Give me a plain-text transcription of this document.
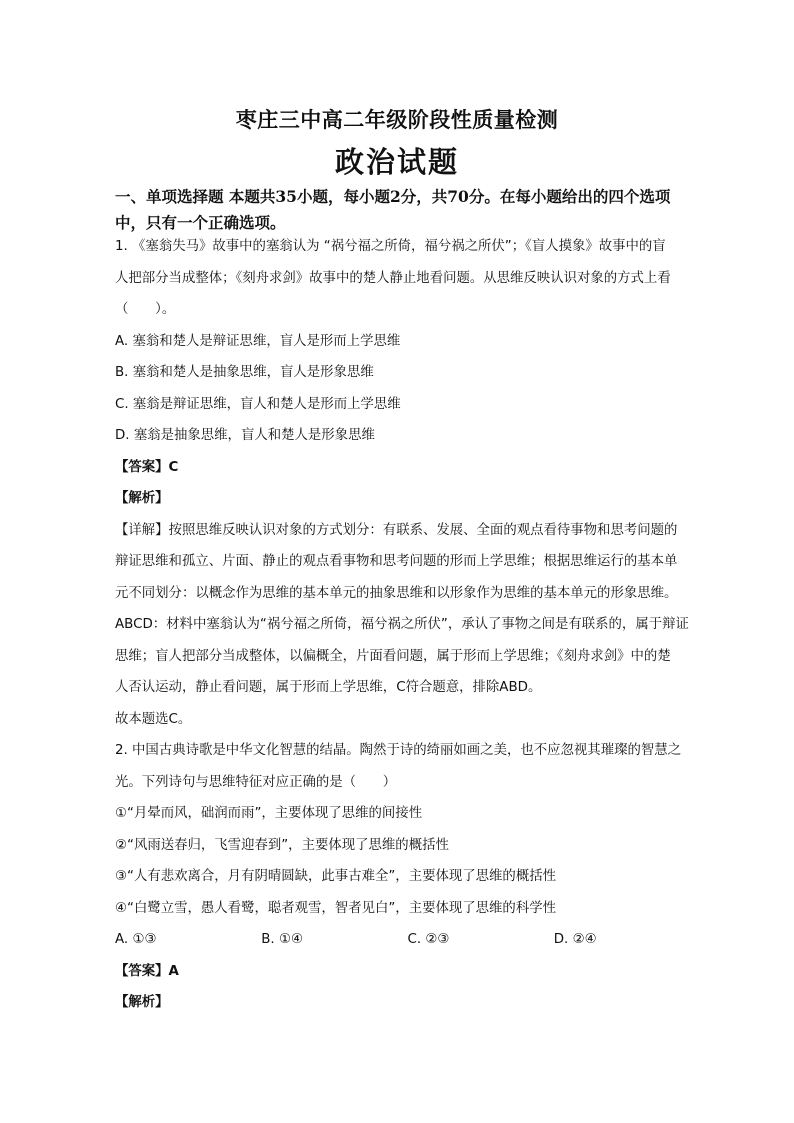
枣庄三中高二年级阶段性质量检测
政治试题
一、单项选择题 本题共35小题，每小题2分，共70分。在每小题给出的四个选项中，只有一个正确选项。

1. 《塞翁失马》故事中的塞翁认为 “祸兮福之所倚，福兮祸之所伏”；《盲人摸象》故事中的盲

人把部分当成整体；《刻舟求剑》故事中的楚人静止地看问题。从思维反映认识对象的方式上看

（　　）。

A. 塞翁和楚人是辩证思维，盲人是形而上学思维

B. 塞翁和楚人是抽象思维，盲人是形象思维

C. 塞翁是辩证思维，盲人和楚人是形而上学思维

D. 塞翁是抽象思维，盲人和楚人是形象思维

【答案】C

【解析】

【详解】按照思维反映认识对象的方式划分：有联系、发展、全面的观点看待事物和思考问题的

辩证思维和孤立、片面、静止的观点看事物和思考问题的形而上学思维；根据思维运行的基本单

元不同划分：以概念作为思维的基本单元的抽象思维和以形象作为思维的基本单元的形象思维。

ABCD：材料中塞翁认为“祸兮福之所倚，福兮祸之所伏”，承认了事物之间是有联系的，属于辩证

思维；盲人把部分当成整体，以偏概全，片面看问题，属于形而上学思维；《刻舟求剑》中的楚

人否认运动，静止看问题，属于形而上学思维，C符合题意，排除ABD。

故本题选C。

2. 中国古典诗歌是中华文化智慧的结晶。陶然于诗的绮丽如画之美，也不应忽视其璀璨的智慧之

光。下列诗句与思维特征对应正确的是（　　）

①“月晕而风，础润而雨”，主要体现了思维的间接性

②“风雨送春归，飞雪迎春到”，主要体现了思维的概括性

③“人有悲欢离合，月有阴晴圆缺，此事古难全”，主要体现了思维的概括性

④“白鹭立雪，愚人看鹭，聪者观雪，智者见白”，主要体现了思维的科学性

A. ①③	B. ①④	C. ②③	D. ②④

【答案】A

【解析】
